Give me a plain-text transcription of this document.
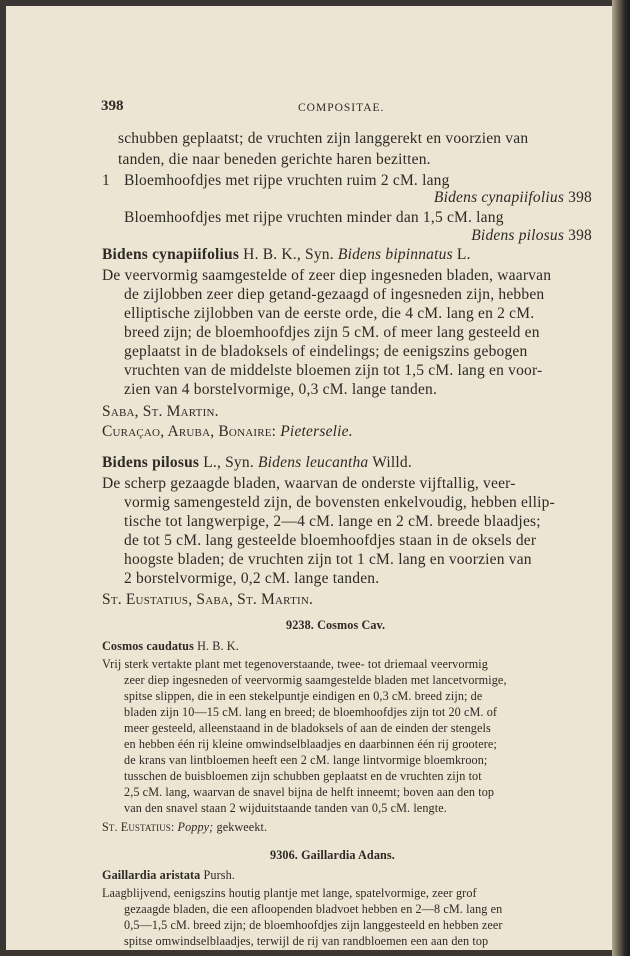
398	COMPOSITAE.
schubben geplaatst; de vruchten zijn langgerekt en voorzien van
tanden, die naar beneden gerichte haren bezitten.
1 Bloemhoofdjes met rijpe vruchten ruim 2 cM. lang
Bidens cynapiifolius 398
Bloemhoofdjes met rijpe vruchten minder dan 1,5 cM. lang
Bidens pilosus 398
Bidens cynapiifolius H. B. K., Syn. Bidens bipinnatus L.
De veervormig saamgestelde of zeer diep ingesneden bladen, waarvan
de zijlobben zeer diep getand-gezaagd of ingesneden zijn, hebben
elliptische zijlobben van de eerste orde, die 4 cM. lang en 2 cM.
breed zijn; de bloemhoofdjes zijn 5 cM. of meer lang gesteeld en
geplaatst in de bladoksels of eindelings; de eenigszins gebogen
vruchten van de middelste bloemen zijn tot 1,5 cM. lang en voor-
zien van 4 borstelvormige, 0,3 cM. lange tanden.
Saba, St. Martin.
Curaçao, Aruba, Bonaire: Pieterselie.
Bidens pilosus L., Syn. Bidens leucantha Willd.
De scherp gezaagde bladen, waarvan de onderste vijftallig, veer-
vormig samengesteld zijn, de bovensten enkelvoudig, hebben ellip-
tische tot langwerpige, 2—4 cM. lange en 2 cM. breede blaadjes;
de tot 5 cM. lang gesteelde bloemhoofdjes staan in de oksels der
hoogste bladen; de vruchten zijn tot 1 cM. lang en voorzien van
2 borstelvormige, 0,2 cM. lange tanden.
St. Eustatius, Saba, St. Martin.
9238. Cosmos Cav.
Cosmos caudatus H. B. K.
Vrij sterk vertakte plant met tegenoverstaande, twee- tot driemaal veervormig
zeer diep ingesneden of veervormig saamgestelde bladen met lancetvormige,
spitse slippen, die in een stekelpuntje eindigen en 0,3 cM. breed zijn; de
bladen zijn 10—15 cM. lang en breed; de bloemhoofdjes zijn tot 20 cM. of
meer gesteeld, alleenstaand in de bladoksels of aan de einden der stengels
en hebben één rij kleine omwindselblaadjes en daarbinnen één rij grootere;
de krans van lintbloemen heeft een 2 cM. lange lintvormige bloemkroon;
tusschen de buisbloemen zijn schubben geplaatst en de vruchten zijn tot
2,5 cM. lang, waarvan de snavel bijna de helft inneemt; boven aan den top
van den snavel staan 2 wijduitstaande tanden van 0,5 cM. lengte.
St. Eustatius: Poppy; gekweekt.
9306. Gaillardia Adans.
Gaillardia aristata Pursh.
Laagblijvend, eenigszins houtig plantje met lange, spatelvormige, zeer grof
gezaagde bladen, die een afloopenden bladvoet hebben en 2—8 cM. lang en
0,5—1,5 cM. breed zijn; de bloemhoofdjes zijn langgesteeld en hebben zeer
spitse omwindselblaadjes, terwijl de rij van randbloemen een aan den top
